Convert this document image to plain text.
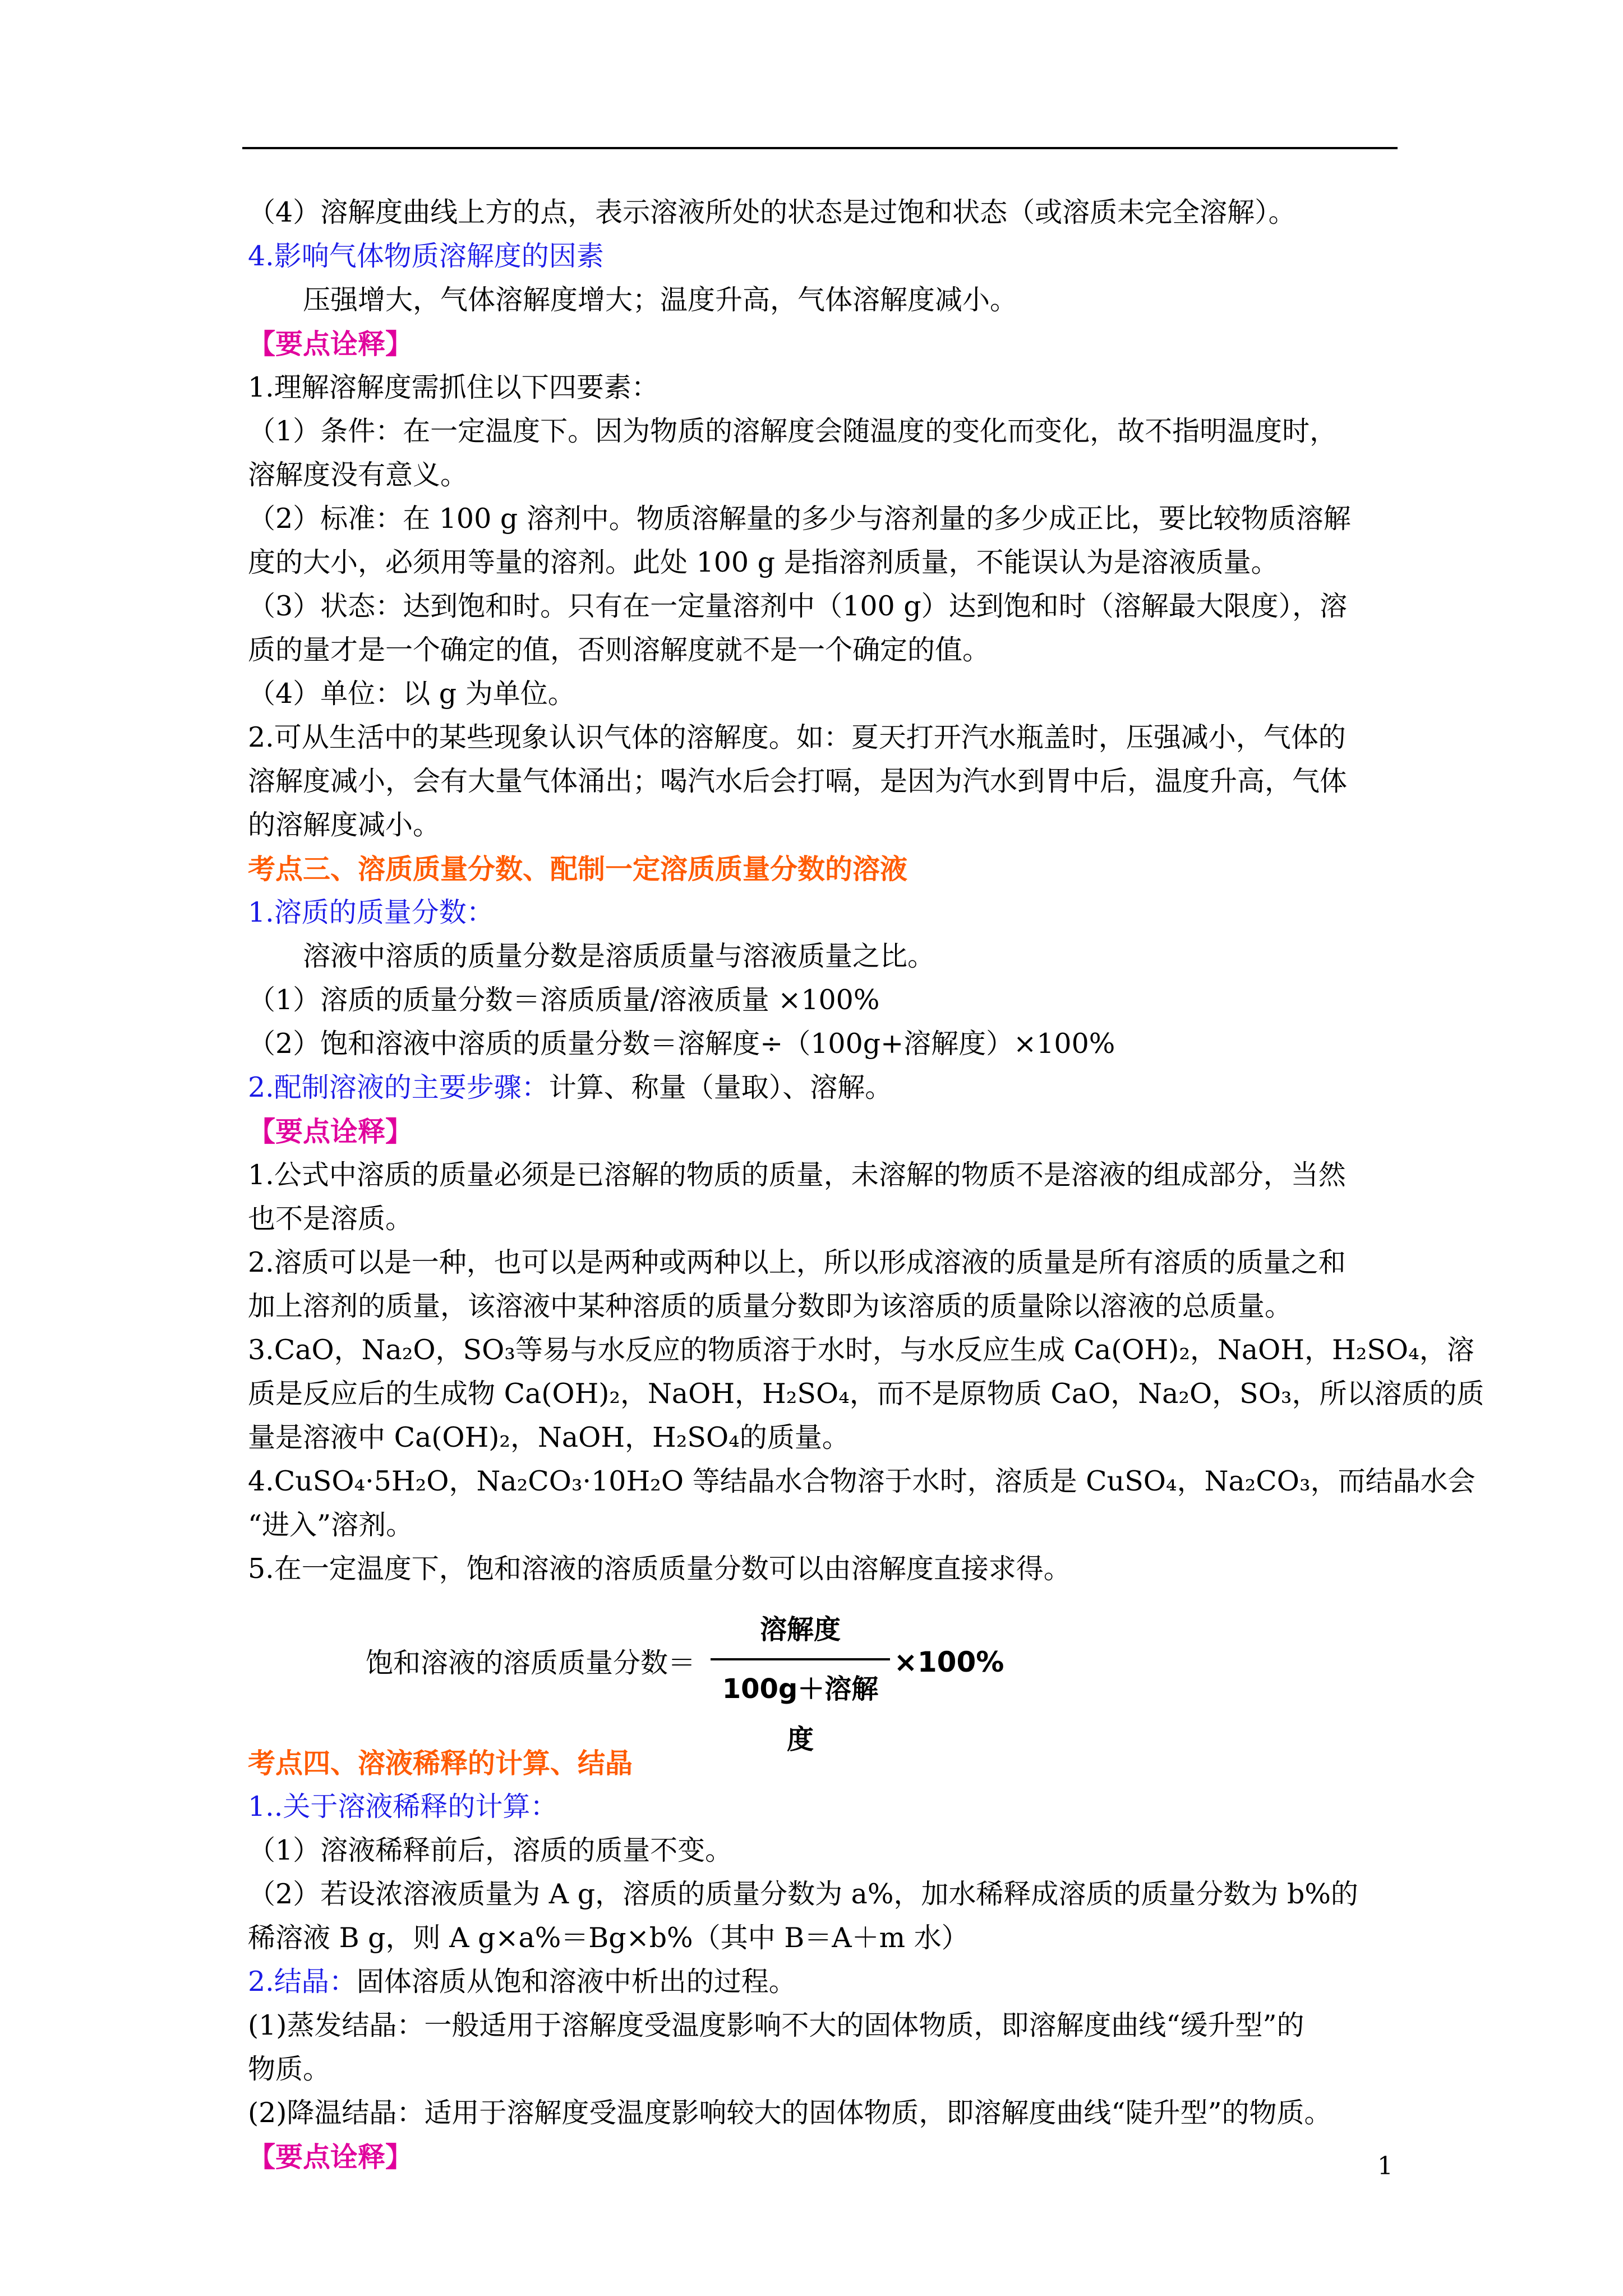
（4）溶解度曲线上方的点，表示溶液所处的状态是过饱和状态（或溶质未完全溶解）。
4.影响气体物质溶解度的因素
压强增大，气体溶解度增大；温度升高，气体溶解度减小。
【要点诠释】
1.理解溶解度需抓住以下四要素：
（1）条件：在一定温度下。因为物质的溶解度会随温度的变化而变化，故不指明温度时，
溶解度没有意义。
（2）标准：在 100 g 溶剂中。物质溶解量的多少与溶剂量的多少成正比，要比较物质溶解
度的大小，必须用等量的溶剂。此处 100 g 是指溶剂质量，不能误认为是溶液质量。
（3）状态：达到饱和时。只有在一定量溶剂中（100 g）达到饱和时（溶解最大限度），溶
质的量才是一个确定的值，否则溶解度就不是一个确定的值。
（4）单位：以 g 为单位。
2.可从生活中的某些现象认识气体的溶解度。如：夏天打开汽水瓶盖时，压强减小，气体的
溶解度减小，会有大量气体涌出；喝汽水后会打嗝，是因为汽水到胃中后，温度升高，气体
的溶解度减小。
考点三、溶质质量分数、配制一定溶质质量分数的溶液
1.溶质的质量分数：
溶液中溶质的质量分数是溶质质量与溶液质量之比。
（1）溶质的质量分数＝溶质质量/溶液质量 ×100%
（2）饱和溶液中溶质的质量分数＝溶解度÷（100g+溶解度）×100%
2.配制溶液的主要步骤：计算、称量（量取）、溶解。
【要点诠释】
1.公式中溶质的质量必须是已溶解的物质的质量，未溶解的物质不是溶液的组成部分，当然
也不是溶质。
2.溶质可以是一种，也可以是两种或两种以上，所以形成溶液的质量是所有溶质的质量之和
加上溶剂的质量，该溶液中某种溶质的质量分数即为该溶质的质量除以溶液的总质量。
3.CaO，Na₂O，SO₃等易与水反应的物质溶于水时，与水反应生成 Ca(OH)₂，NaOH，H₂SO₄，溶
质是反应后的生成物 Ca(OH)₂，NaOH，H₂SO₄，而不是原物质 CaO，Na₂O，SO₃，所以溶质的质
量是溶液中 Ca(OH)₂，NaOH，H₂SO₄的质量。
4.CuSO₄·5H₂O，Na₂CO₃·10H₂O 等结晶水合物溶于水时，溶质是 CuSO₄，Na₂CO₃，而结晶水会
“进入”溶剂。
5.在一定温度下，饱和溶液的溶质质量分数可以由溶解度直接求得。
饱和溶液的溶质质量分数＝
溶解度
100g＋溶解度
×100%
考点四、溶液稀释的计算、结晶
1..关于溶液稀释的计算：
（1）溶液稀释前后，溶质的质量不变。
（2）若设浓溶液质量为 A g，溶质的质量分数为 a%，加水稀释成溶质的质量分数为 b%的
稀溶液 B g，则 A g×a%＝Bg×b%（其中 B＝A＋m 水）
2.结晶：固体溶质从饱和溶液中析出的过程。
(1)蒸发结晶：一般适用于溶解度受温度影响不大的固体物质，即溶解度曲线“缓升型”的
物质。
(2)降温结晶：适用于溶解度受温度影响较大的固体物质，即溶解度曲线“陡升型”的物质。
【要点诠释】	1
